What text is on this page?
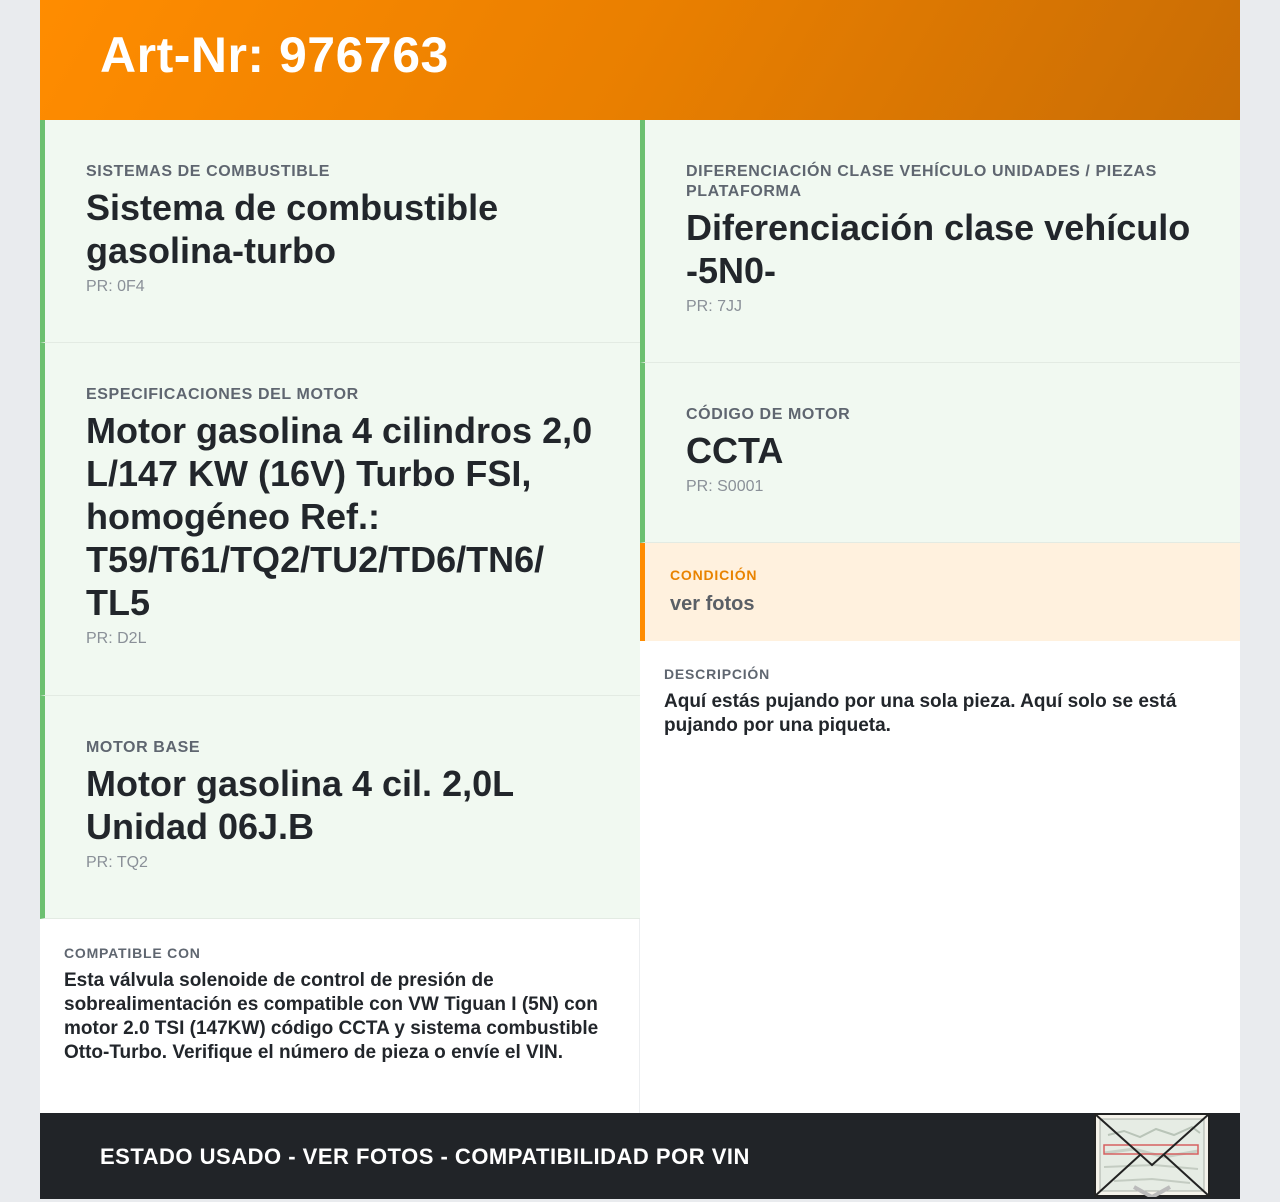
Art-Nr: 976763
SISTEMAS DE COMBUSTIBLE
Sistema de combustible gasolina-turbo
PR: 0F4
ESPECIFICACIONES DEL MOTOR
Motor gasolina 4 cilindros 2,0 L/147 KW (16V) Turbo FSI, homogéneo Ref.: T59/T61/TQ2/TU2/TD6/TN6/ TL5
PR: D2L
MOTOR BASE
Motor gasolina 4 cil. 2,0L Unidad 06J.B
PR: TQ2
DIFERENCIACIÓN CLASE VEHÍCULO UNIDADES / PIEZAS PLATAFORMA
Diferenciación clase vehículo -5N0-
PR: 7JJ
CÓDIGO DE MOTOR
CCTA
PR: S0001
CONDICIÓN
ver fotos
DESCRIPCIÓN
Aquí estás pujando por una sola pieza. Aquí solo se está pujando por una piqueta.
COMPATIBLE CON
Esta válvula solenoide de control de presión de sobrealimentación es compatible con VW Tiguan I (5N) con motor 2.0 TSI (147KW) código CCTA y sistema combustible Otto-Turbo. Verifique el número de pieza o envíe el VIN.
ESTADO USADO - VER FOTOS - COMPATIBILIDAD POR VIN
